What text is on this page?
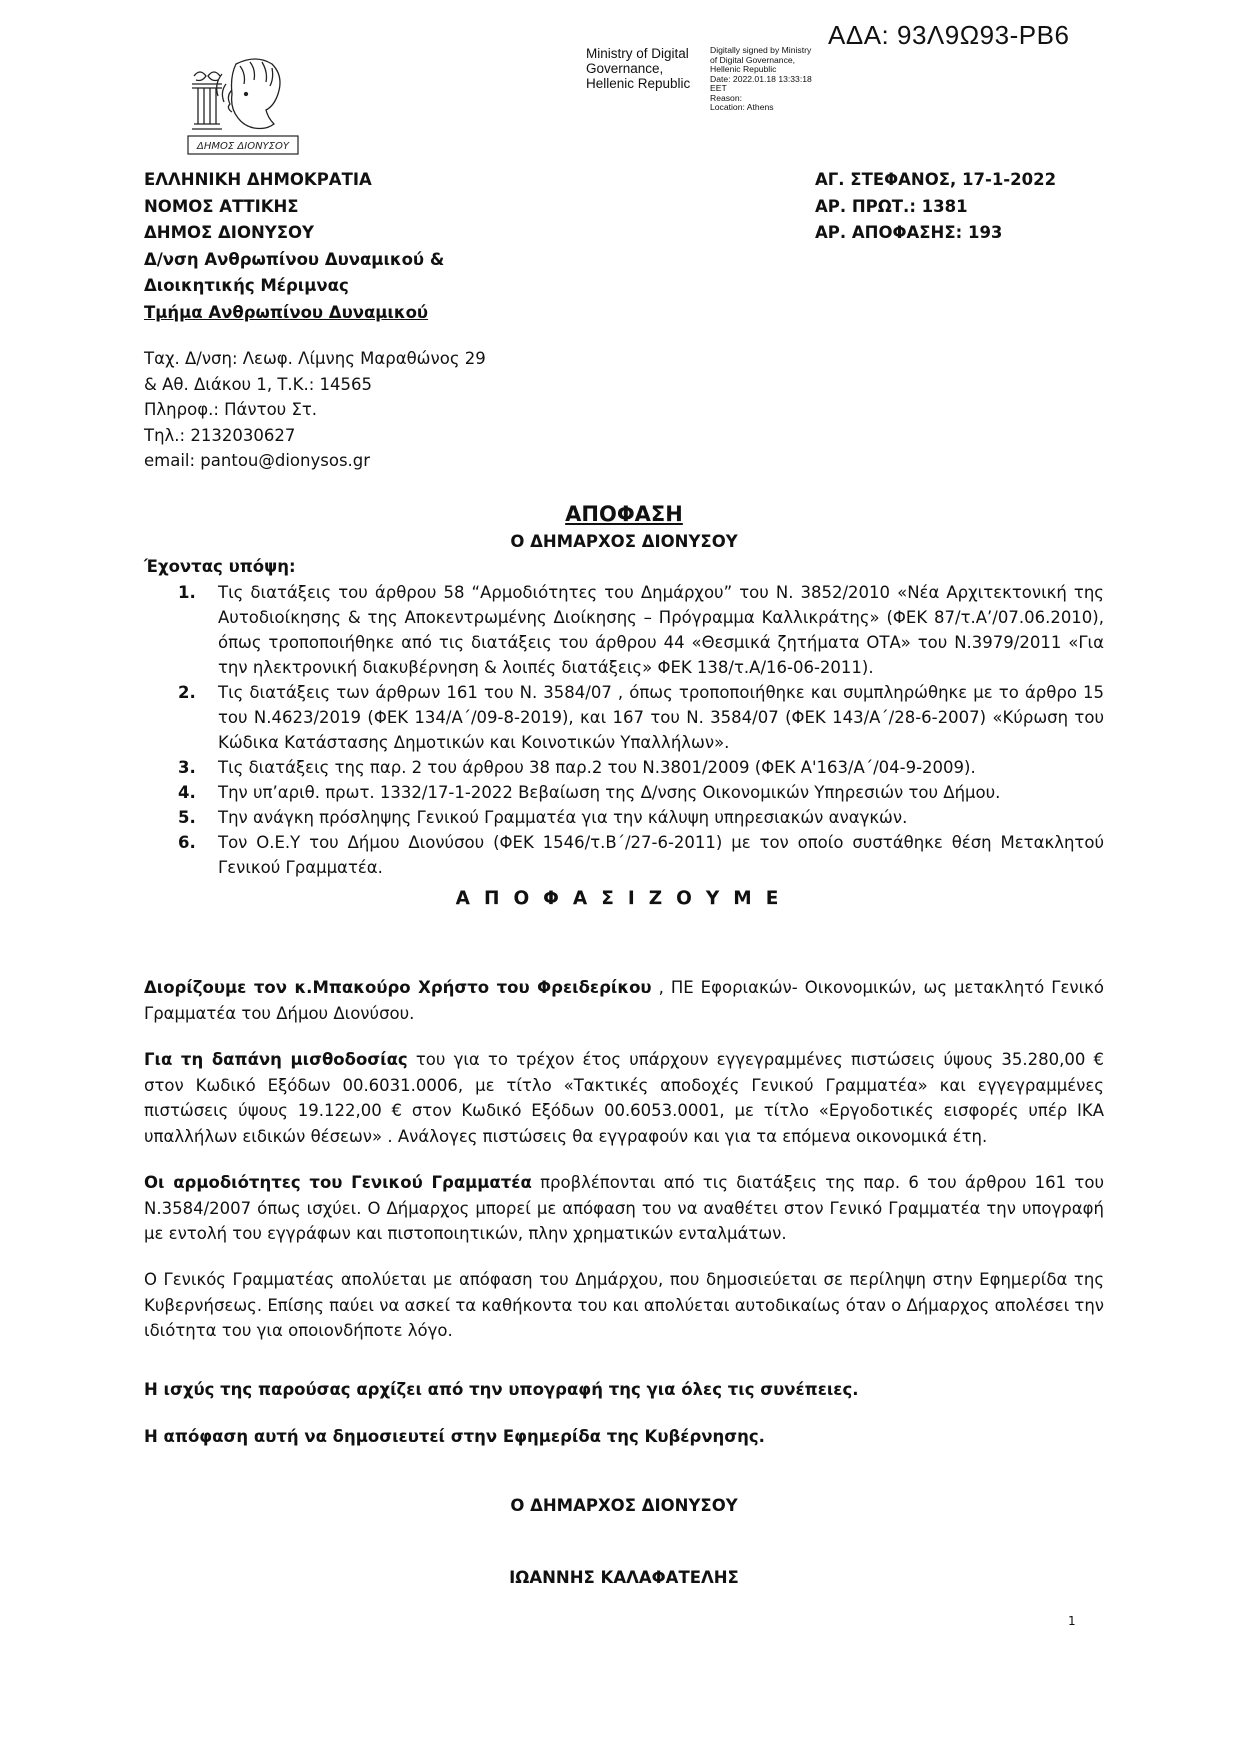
ΑΔΑ: 93Λ9Ω93-ΡΒ6
Ministry of Digital
Governance,
Hellenic Republic
Digitally signed by Ministry
of Digital Governance,
Hellenic Republic
Date: 2022.01.18 13:33:18
EET
Reason:
Location: Athens
ΔΗΜΟΣ ΔΙΟΝΥΣΟΥ
ΕΛΛΗΝΙΚΗ ΔΗΜΟΚΡΑΤΙΑ
ΝΟΜΟΣ ΑΤΤΙΚΗΣ
ΔΗΜΟΣ ΔΙΟΝΥΣΟΥ
Δ/νση Ανθρωπίνου Δυναμικού &
Διοικητικής Μέριμνας
Τμήμα Ανθρωπίνου Δυναμικού
ΑΓ. ΣΤΕΦΑΝΟΣ, 17-1-2022
ΑΡ. ΠΡΩΤ.: 1381
ΑΡ. ΑΠΟΦΑΣΗΣ: 193
Ταχ. Δ/νση: Λεωφ. Λίμνης Μαραθώνος 29
& Αθ. Διάκου 1, Τ.Κ.: 14565
Πληροφ.: Πάντου Στ.
Τηλ.: 2132030627
email: pantou@dionysos.gr
ΑΠΟΦΑΣΗ
Ο ΔΗΜΑΡΧΟΣ ΔΙΟΝΥΣΟΥ
Έχοντας υπόψη:
1. Τις διατάξεις του άρθρου 58 “Αρμοδιότητες του Δημάρχου” του Ν. 3852/2010 «Νέα Αρχιτεκτονική της Αυτοδιοίκησης & της Αποκεντρωμένης Διοίκησης – Πρόγραμμα Καλλικράτης» (ΦΕΚ 87/τ.Α’/07.06.2010), όπως τροποποιήθηκε από τις διατάξεις του άρθρου 44 «Θεσμικά ζητήματα ΟΤΑ» του Ν.3979/2011 «Για την ηλεκτρονική διακυβέρνηση & λοιπές διατάξεις» ΦΕΚ 138/τ.Α/16-06-2011).
2. Τις διατάξεις των άρθρων 161 του Ν. 3584/07 , όπως τροποποιήθηκε και συμπληρώθηκε με το άρθρο 15 του Ν.4623/2019 (ΦΕΚ 134/Α΄/09-8-2019), και 167 του Ν. 3584/07 (ΦΕΚ 143/Α΄/28-6-2007) «Κύρωση του Κώδικα Κατάστασης Δημοτικών και Κοινοτικών Υπαλλήλων».
3. Τις διατάξεις της παρ. 2 του άρθρου 38 παρ.2 του Ν.3801/2009 (ΦΕΚ Α'163/Α΄/04-9-2009).
4. Την υπ’αριθ. πρωτ. 1332/17-1-2022 Βεβαίωση της Δ/νσης Οικονομικών Υπηρεσιών του Δήμου.
5. Την ανάγκη πρόσληψης Γενικού Γραμματέα για την κάλυψη υπηρεσιακών αναγκών.
6. Τον Ο.Ε.Υ του Δήμου Διονύσου (ΦΕΚ 1546/τ.Β΄/27-6-2011) με τον οποίο συστάθηκε θέση Μετακλητού Γενικού Γραμματέα.
ΑΠΟΦΑΣΙΖΟΥΜΕ
Διορίζουμε τον κ.Μπακούρο Χρήστο του Φρειδερίκου , ΠΕ Εφοριακών- Οικονομικών, ως μετακλητό Γενικό Γραμματέα του Δήμου Διονύσου.
Για τη δαπάνη μισθοδοσίας του για το τρέχον έτος υπάρχουν εγγεγραμμένες πιστώσεις ύψους 35.280,00 € στον Κωδικό Εξόδων 00.6031.0006, με τίτλο «Τακτικές αποδοχές Γενικού Γραμματέα» και εγγεγραμμένες πιστώσεις ύψους 19.122,00 € στον Κωδικό Εξόδων 00.6053.0001, με τίτλο «Εργοδοτικές εισφορές υπέρ ΙΚΑ υπαλλήλων ειδικών θέσεων» . Ανάλογες πιστώσεις θα εγγραφούν και για τα επόμενα οικονομικά έτη.
Οι αρμοδιότητες του Γενικού Γραμματέα προβλέπονται από τις διατάξεις της παρ. 6 του άρθρου 161 του Ν.3584/2007 όπως ισχύει. Ο Δήμαρχος μπορεί με απόφαση του να αναθέτει στον Γενικό Γραμματέα την υπογραφή με εντολή του εγγράφων και πιστοποιητικών, πλην χρηματικών ενταλμάτων.
Ο Γενικός Γραμματέας απολύεται με απόφαση του Δημάρχου, που δημοσιεύεται σε περίληψη στην Εφημερίδα της Κυβερνήσεως. Επίσης παύει να ασκεί τα καθήκοντα του και απολύεται αυτοδικαίως όταν ο Δήμαρχος απολέσει την ιδιότητα του για οποιονδήποτε λόγο.
Η ισχύς της παρούσας αρχίζει από την υπογραφή της για όλες τις συνέπειες.
Η απόφαση αυτή να δημοσιευτεί στην Εφημερίδα της Κυβέρνησης.
Ο ΔΗΜΑΡΧΟΣ ΔΙΟΝΥΣΟΥ
ΙΩΑΝΝΗΣ ΚΑΛΑΦΑΤΕΛΗΣ
1
